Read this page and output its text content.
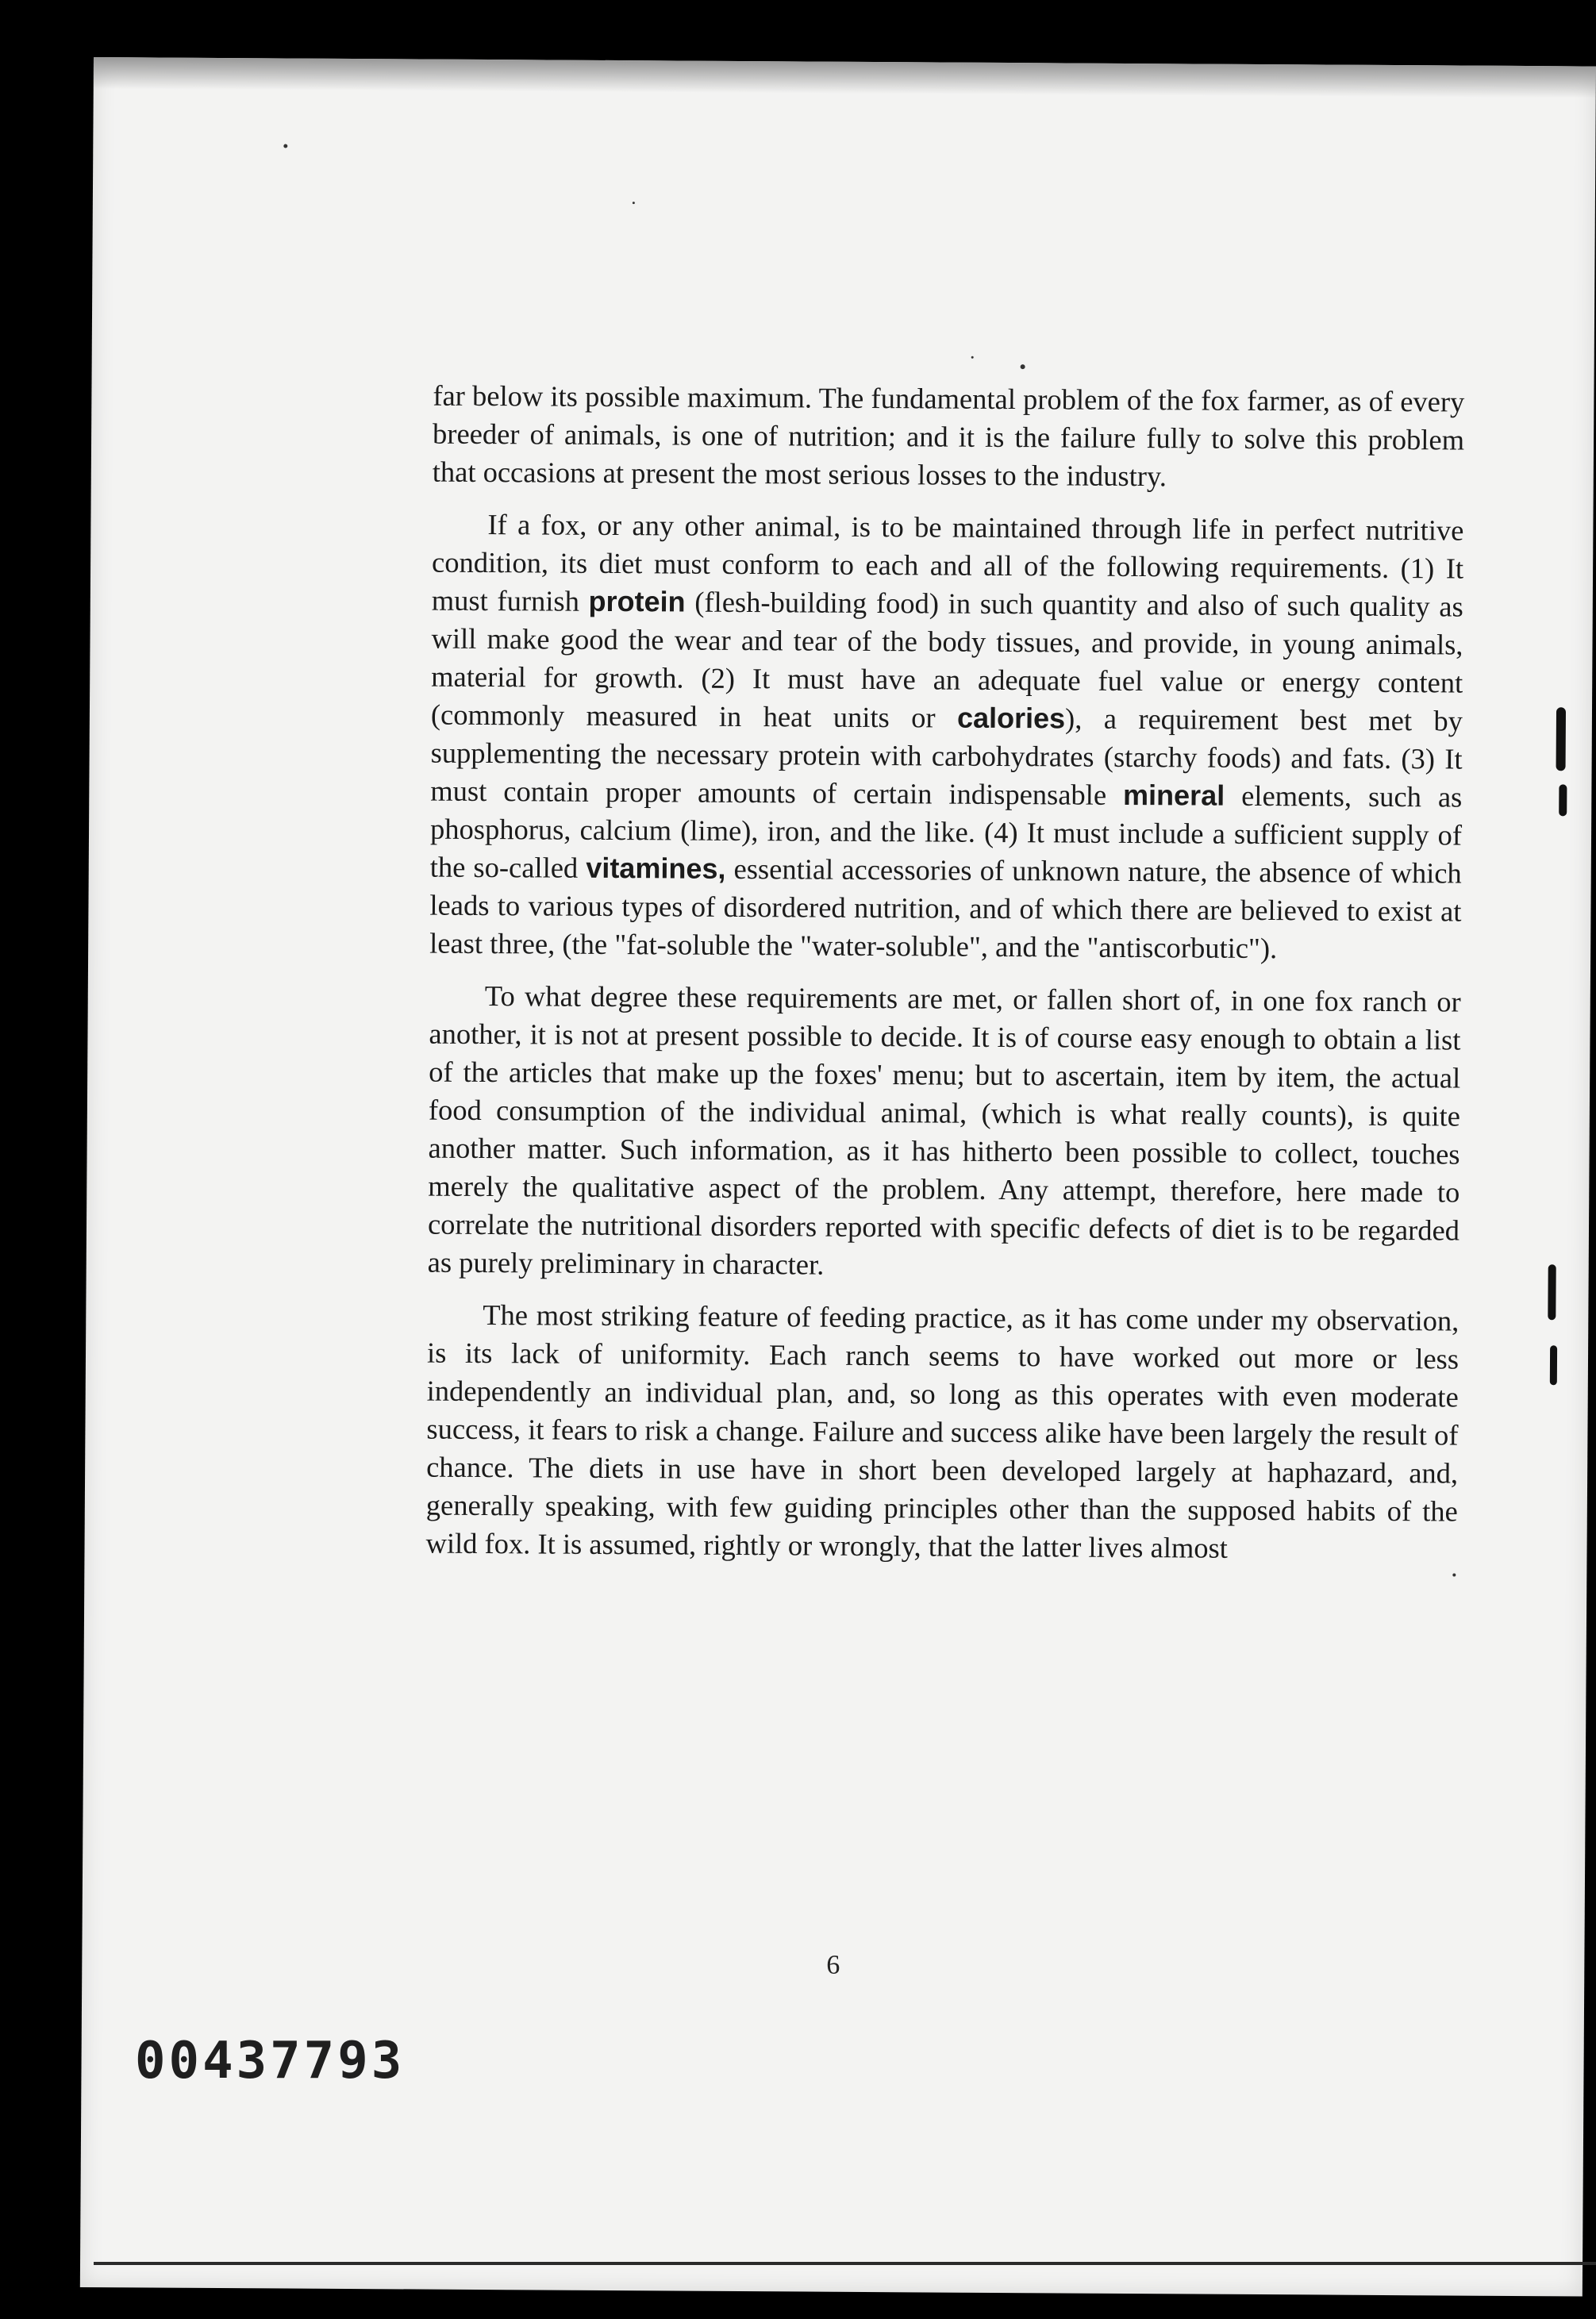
far below its possible maximum. The fundamental problem of the fox farmer, as of every breeder of animals, is one of nutrition; and it is the failure fully to solve this problem that occasions at present the most serious losses to the industry.

If a fox, or any other animal, is to be maintained through life in perfect nutritive condition, its diet must conform to each and all of the following requirements. (1) It must furnish protein (flesh-building food) in such quantity and also of such quality as will make good the wear and tear of the body tissues, and provide, in young animals, material for growth. (2) It must have an adequate fuel value or energy content (commonly measured in heat units or calories), a requirement best met by supplementing the necessary protein with carbohydrates (starchy foods) and fats. (3) It must contain proper amounts of certain indispensable mineral elements, such as phosphorus, calcium (lime), iron, and the like. (4) It must include a sufficient supply of the so-called vitamines, essential accessories of unknown nature, the absence of which leads to various types of disordered nutrition, and of which there are believed to exist at least three, (the "fat-soluble the "water-soluble", and the "antiscorbutic").

To what degree these requirements are met, or fallen short of, in one fox ranch or another, it is not at present possible to decide. It is of course easy enough to obtain a list of the articles that make up the foxes' menu; but to ascertain, item by item, the actual food consumption of the individual animal, (which is what really counts), is quite another matter. Such information, as it has hitherto been possible to collect, touches merely the qualitative aspect of the problem. Any attempt, therefore, here made to correlate the nutritional disorders reported with specific defects of diet is to be regarded as purely preliminary in character.

The most striking feature of feeding practice, as it has come under my observation, is its lack of uniformity. Each ranch seems to have worked out more or less independently an individual plan, and, so long as this operates with even moderate success, it fears to risk a change. Failure and success alike have been largely the result of chance. The diets in use have in short been developed largely at haphazard, and, generally speaking, with few guiding principles other than the supposed habits of the wild fox. It is assumed, rightly or wrongly, that the latter lives almost

6
00437793
